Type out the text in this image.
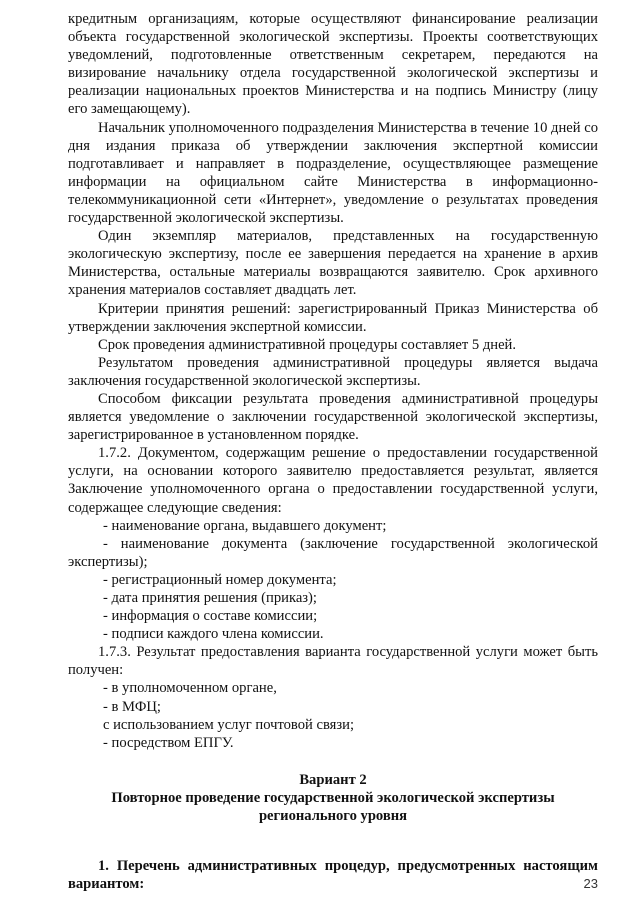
кредитным организациям, которые осуществляют финансирование реализации объекта государственной экологической экспертизы. Проекты соответствующих уведомлений, подготовленные ответственным секретарем, передаются на визирование начальнику отдела государственной экологической экспертизы и реализации национальных проектов Министерства и на подпись Министру (лицу его замещающему).

Начальник уполномоченного подразделения Министерства в течение 10 дней со дня издания приказа об утверждении заключения экспертной комиссии подготавливает и направляет в подразделение, осуществляющее размещение информации на официальном сайте Министерства в информационно-телекоммуникационной сети «Интернет», уведомление о результатах проведения государственной экологической экспертизы.

Один экземпляр материалов, представленных на государственную экологическую экспертизу, после ее завершения передается на хранение в архив Министерства, остальные материалы возвращаются заявителю. Срок архивного хранения материалов составляет двадцать лет.

Критерии принятия решений: зарегистрированный Приказ Министерства об утверждении заключения экспертной комиссии.

Срок проведения административной процедуры составляет 5 дней.

Результатом проведения административной процедуры является выдача заключения государственной экологической экспертизы.

Способом фиксации результата проведения административной процедуры является уведомление о заключении государственной экологической экспертизы, зарегистрированное в установленном порядке.

1.7.2. Документом, содержащим решение о предоставлении государственной услуги, на основании которого заявителю предоставляется результат, является Заключение уполномоченного органа о предоставлении государственной услуги, содержащее следующие сведения:

- наименование органа, выдавшего документ;

- наименование документа (заключение государственной экологической экспертизы);

- регистрационный номер документа;

- дата принятия решения (приказ);

- информация о составе комиссии;

- подписи каждого члена комиссии.

1.7.3. Результат предоставления варианта государственной услуги может быть получен:

- в уполномоченном органе,

- в МФЦ;

с использованием услуг почтовой связи;

- посредством ЕПГУ.

Вариант 2

Повторное проведение государственной экологической экспертизы регионального уровня

1. Перечень административных процедур, предусмотренных настоящим вариантом:	23
